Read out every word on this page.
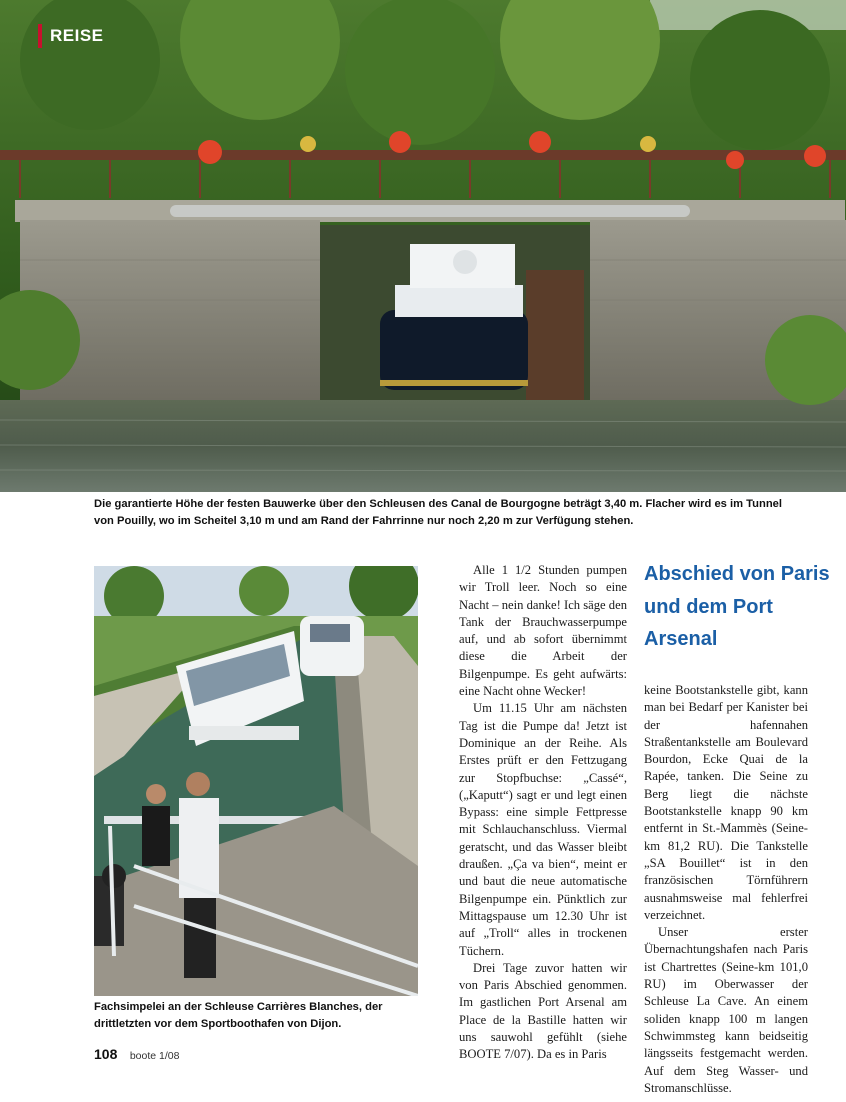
REISE
Die garantierte Höhe der festen Bauwerke über den Schleusen des Canal de Bourgogne beträgt 3,40 m. Flacher wird es im Tunnel von Pouilly, wo im Scheitel 3,10 m und am Rand der Fahrrinne nur noch 2,20 m zur Verfügung stehen.
Fachsimpelei an der Schleuse Carrières Blanches, der drittletzten vor dem Sportboothafen von Dijon.

Alle 1 1/2 Stunden pumpen wir Troll leer. Noch so eine Nacht – nein danke! Ich säge den Tank der Brauchwasserpumpe auf, und ab sofort übernimmt diese die Arbeit der Bilgenpumpe. Es geht aufwärts: eine Nacht ohne Wecker!

Um 11.15 Uhr am nächsten Tag ist die Pumpe da! Jetzt ist Dominique an der Reihe. Als Erstes prüft er den Fettzugang zur Stopfbuchse: „Cassé“, („Kaputt“) sagt er und legt einen Bypass: eine simple Fettpresse mit Schlauchanschluss. Viermal geratscht, und das Wasser bleibt draußen. „Ça va bien“, meint er und baut die neue automatische Bilgenpumpe ein. Pünktlich zur Mittagspause um 12.30 Uhr ist auf „Troll“ alles in trockenen Tüchern.

Drei Tage zuvor hatten wir von Paris Abschied genommen. Im gastlichen Port Arsenal am Place de la Bastille hatten wir uns sauwohl gefühlt (siehe BOOTE 7/07). Da es in Paris

Abschied von Paris und dem Port Arsenal

keine Bootstankstelle gibt, kann man bei Bedarf per Kanister bei der hafennahen Straßentankstelle am Boulevard Bourdon, Ecke Quai de la Rapée, tanken. Die Seine zu Berg liegt die nächste Bootstankstelle knapp 90 km entfernt in St.-Mammès (Seine-km 81,2 RU). Die Tankstelle „SA Bouillet“ ist in den französischen Törnführern ausnahmsweise mal fehlerfrei verzeichnet.

Unser erster Übernachtungshafen nach Paris ist Chartrettes (Seine-km 101,0 RU) im Oberwasser der Schleuse La Cave. An einem soliden knapp 100 m langen Schwimmsteg kann beidseitig längsseits festgemacht werden. Auf dem Steg Wasser- und Stromanschlüsse.

108 boote 1/08
